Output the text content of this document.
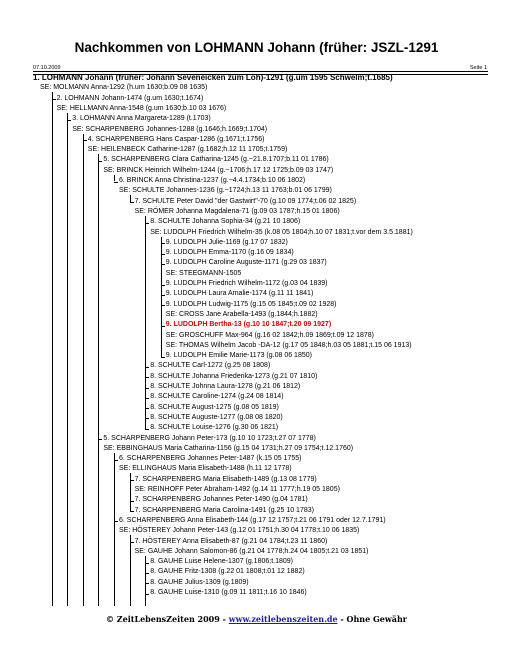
Nachkommen von LOHMANN Johann (früher: JSZL-1291
07.10.2009	Seite 1
1. LOHMANN Johann (früher: Johann Seveneicken zum Loh)-1291 (g.um 1595 Schwelm;t.1685)
SE: MOLMANN Anna-1292 (h.um 1630;b.09 08 1635)
2. LOHMANN Johann-1474 (g.um 1630;t.1674)
SE: HELLMANN Anna-1548 (g.um 1630;b.10 03 1676)
3. LOHMANN Anna Margareta-1289 (t.1703)
SE: SCHARPENBERG Johannes-1288 (g.1646;h.1669;t.1704)
4. SCHARPENBERG Hans Caspar-1286 (g.1671;t.1756)
SE: HEILENBECK Catharine-1287 (g.1682;h.12 11 1705;t.1759)
5. SCHARPENBERG Clara Catharina-1245 (g.~21.8.1707;b.11 01 1786)
SE: BRINCK Heinrich Wilhelm-1244 (g.~1706;h.17 12 1725;b.09 03 1747)
6. BRINCK Anna Christina-1237 (g.~4.4.1734;b.10 06 1802)
SE: SCHULTE Johannes-1236 (g.~1724;h.13 11 1763;b.01 06 1799)
7. SCHULTE Peter David "der Gastwirt"-70 (g.10 09 1774;t.06 02 1825)
SE: RÖMER Johanna Magdalena-71 (g.09 03 1787;h.15 01 1806)
8. SCHULTE Johanna Sophia-34 (g.21 10 1806)
SE: LUDOLPH Friedrich Wilhelm-35 (k.08 05 1804;h.10 07 1831;t.vor dem 3.5.1881)
9. LUDOLPH Julie-1169 (g.17 07 1832)
9. LUDOLPH Emma-1170 (g.16 09 1834)
9. LUDOLPH Caroline Auguste-1171 (g.29 03 1837)
SE: STEEGMANN-1505
9. LUDOLPH Friedrich Wilhelm-1172 (g.03 04 1839)
9. LUDOLPH Laura Amalie-1174 (g.11 11 1841)
9. LUDOLPH Ludwig-1175 (g.15 05 1845;t.09 02 1928)
SE: CROSS Jane Arabella-1493 (g.1844;h.1882)
9. LUDOLPH Bertha-13 (g.10 10 1847;t.20 09 1927)
SE: GROSCHUFF Max-964 (g.16 02 1842;h.09 1869;t.09 12 1878)
SE: THOMAS Wilhelm Jacob -DA-12 (g.17 05 1848;h.03 05 1881;t.15 06 1913)
9. LUDOLPH Emilie Marie-1173 (g.08 06 1850)
8. SCHULTE Carl-1272 (g.25 08 1808)
8. SCHULTE Johanna Friederika-1273 (g.21 07 1810)
8. SCHULTE Johnna Laura-1278 (g.21 06 1812)
8. SCHULTE Caroline-1274 (g.24 08 1814)
8. SCHULTE August-1275 (g.08 05 1819)
8. SCHULTE Auguste-1277 (g.08 08 1820)
8. SCHULTE Louise-1276 (g.30 06 1821)
5. SCHARPENBERG Johann Peter-173 (g.10 10 1723;t.27 07 1778)
SE: EBBINGHAUS Maria Catharina-1156 (g.15 04 1731;h.27 09 1754;t.12.1760)
6. SCHARPENBERG Johannes Peter-1487 (k.15 05 1755)
SE: ELLINGHAUS Maria Elisabeth-1488 (h.11 12 1778)
7. SCHARPENBERG Maria Elisabeth-1489 (g.13 08 1779)
SE: REINHOFF Peter Abraham-1492 (g.14 11 1777;h.19 05 1805)
7. SCHARPENBERG Johannes Peter-1490 (g.04 1781)
7. SCHARPENBERG Maria Carolina-1491 (g.25 10 1783)
6. SCHARPENBERG Anna Elisabeth-144 (g.17 12 1757;t.21 06 1791 oder 12.7.1791)
SE: HÖSTEREY Johann Peter-143 (g.12 01 1751;h.30 04 1778;t.10 06 1835)
7. HÖSTEREY Anna Elisabeth-87 (g.21 04 1784;t.23 11 1860)
SE: GAUHE Johann Salomon-86 (g.21 04 1778;h.24 04 1805;t.21 03 1851)
8. GAUHE Luise Helene-1307 (g.1806;t.1809)
8. GAUHE Fritz-1308 (g.22 01 1808;t.01 12 1882)
8. GAUHE Julius-1309 (g.1809)
8. GAUHE Luise-1310 (g.09 11 1811;t.16 10 1846)
© ZeitLebensZeiten 2009 - www.zeitlebenszeiten.de - Ohne Gewähr
